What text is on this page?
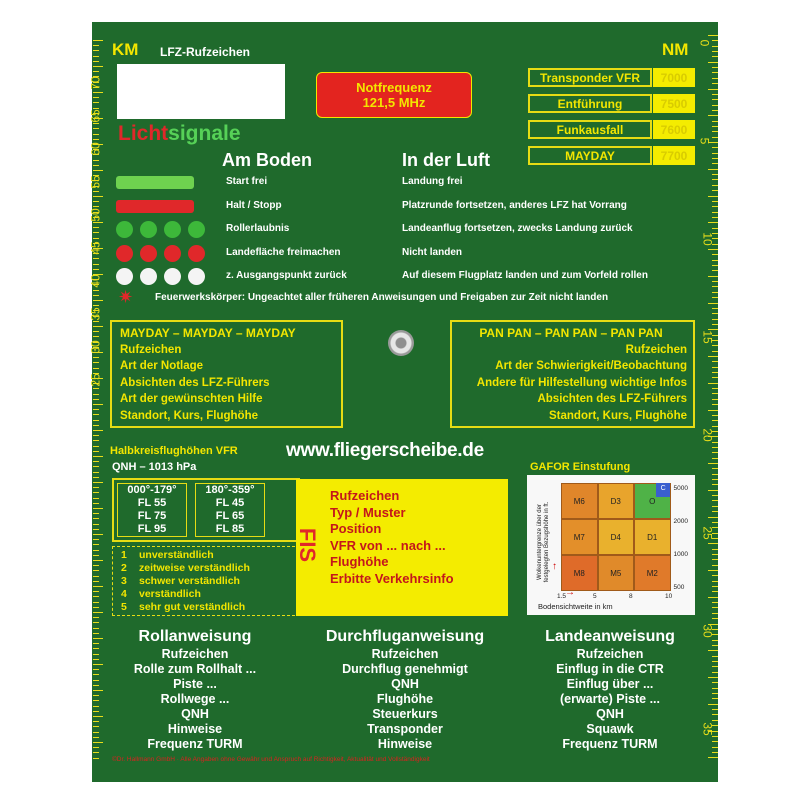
KM	NM
LFZ-Rufzeichen
Notfrequenz
121,5 MHz
Lichtsignale
Am Boden	In der Luft
✷ Feuerwerkskörper: Ungeachtet aller früheren Anweisungen und Freigaben zur Zeit nicht landen
MAYDAY – MAYDAY – MAYDAY
Rufzeichen
Art der Notlage
Absichten des LFZ-Führers
Art der gewünschten Hilfe
Standort, Kurs, Flughöhe
PAN PAN – PAN PAN – PAN PAN
Rufzeichen
Art der Schwierigkeit/Beobachtung
Andere für Hilfestellung wichtige Infos
Absichten des LFZ-Führers
Standort, Kurs, Flughöhe
www.fliegerscheibe.de
Halbkreisflughöhen VFR
QNH – 1013 hPa
000°-179°
FL 55
FL 75
FL 95
180°-359°
FL 45
FL 65
FL 85	FIS
Rufzeichen
Typ / Muster
Position
VFR von ... nach ...
Flughöhe
Erbitte Verkehrsinfo
GAFOR Einstufung
Bodensichtweite in km
Wolkenuntergrenze über der festgelegten Bezugshöhe in ft.
Rollanweisung
Rufzeichen
Rolle zum Rollhalt ...
Piste ...
Rollwege ...
QNH
Hinweise
Frequenz TURM
Durchfluganweisung
Rufzeichen
Durchflug genehmigt
QNH
Flughöhe
Steuerkurs
Transponder
Hinweise
Landeanweisung
Rufzeichen
Einflug in die CTR
Einflug über ...
(erwarte) Piste ...
QNH
Squawk
Frequenz TURM
©Dr. Hallmann GmbH · Alle Angaben ohne Gewähr und Anspruch auf Richtigkeit, Aktualität und Vollständigkeit
70
65
60
55
50
45
40
35
30
25
0
5
10
15
20
25
30
35
Transponder VFR	7000
Entführung	7500
Funkausfall	7600
MAYDAY	7700
Start frei	Landung frei
Halt / Stopp	Platzrunde fortsetzen, anderes LFZ hat Vorrang
Rollerlaubnis	Landeanflug fortsetzen, zwecks Landung zurück
Landefläche freimachen	Nicht landen
z. Ausgangspunkt zurück	Auf diesem Flugplatz landen und zum Vorfeld rollen
1 unverständlich
2 zeitweise verständlich
3 schwer verständlich
4 verständlich
5 sehr gut verständlich
M6	D3	O
M7	D4	D1
M8	M5	M2
C	5000
2000
1000
500
1.5	5	8	10
↑
→
